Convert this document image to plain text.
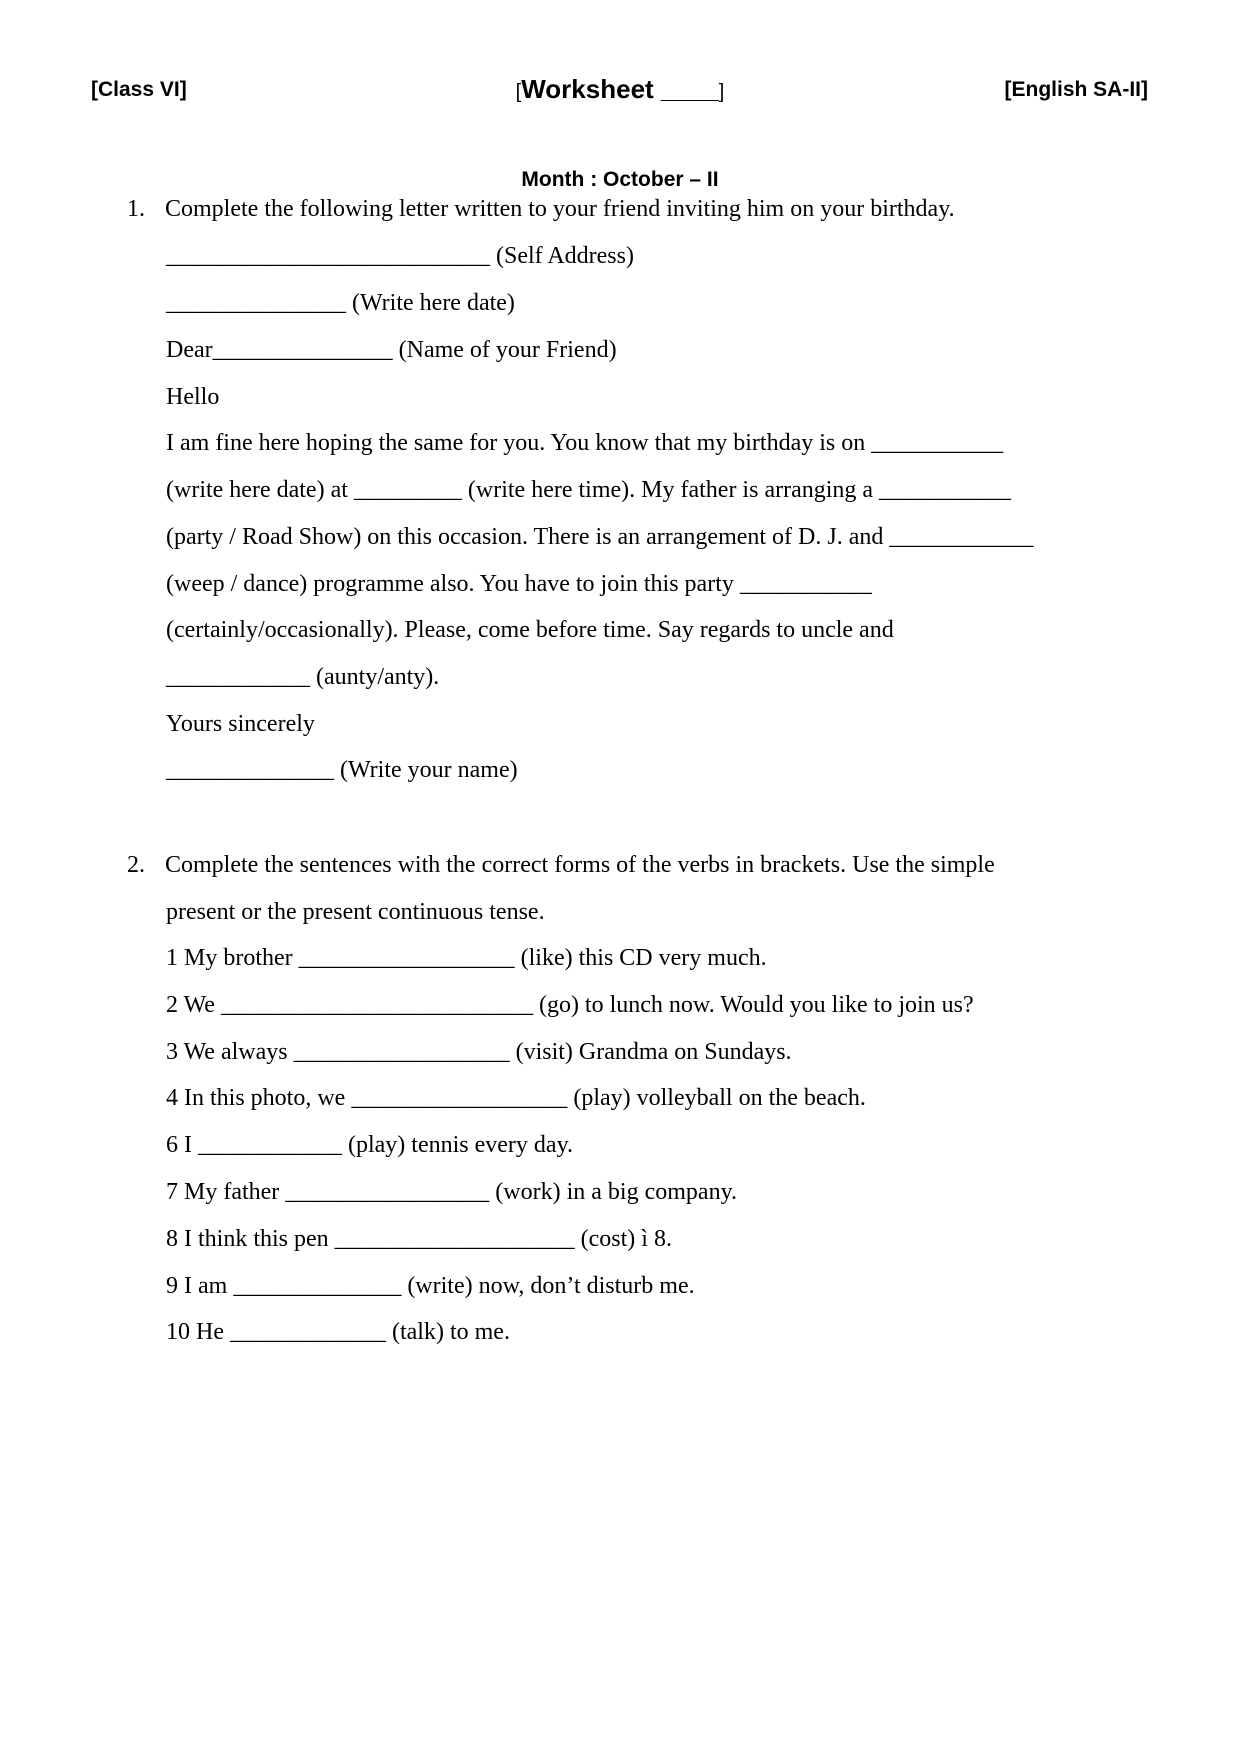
[Class VI]	[Worksheet ____]	[English SA-II]
Month : October – II
1. Complete the following letter written to your friend inviting him on your birthday.
___________________________ (Self Address)
_______________ (Write here date)
Dear_______________ (Name of your Friend)
Hello
I am fine here hoping the same for you. You know that my birthday is on ___________
(write here date) at _________ (write here time). My father is arranging a ___________
(party / Road Show) on this occasion. There is an arrangement of D. J. and ____________
(weep / dance) programme also. You have to join this party ___________
(certainly/occasionally). Please, come before time. Say regards to uncle and
____________ (aunty/anty).
Yours sincerely
______________ (Write your name)
2. Complete the sentences with the correct forms of the verbs in brackets. Use the simple
present or the present continuous tense.
1 My brother __________________ (like) this CD very much.
2 We __________________________ (go) to lunch now. Would you like to join us?
3 We always __________________ (visit) Grandma on Sundays.
4 In this photo, we __________________ (play) volleyball on the beach.
6 I ____________ (play) tennis every day.
7 My father _________________ (work) in a big company.
8 I think this pen ____________________ (cost) ì 8.
9 I am ______________ (write) now, don’t disturb me.
10 He _____________ (talk) to me.
